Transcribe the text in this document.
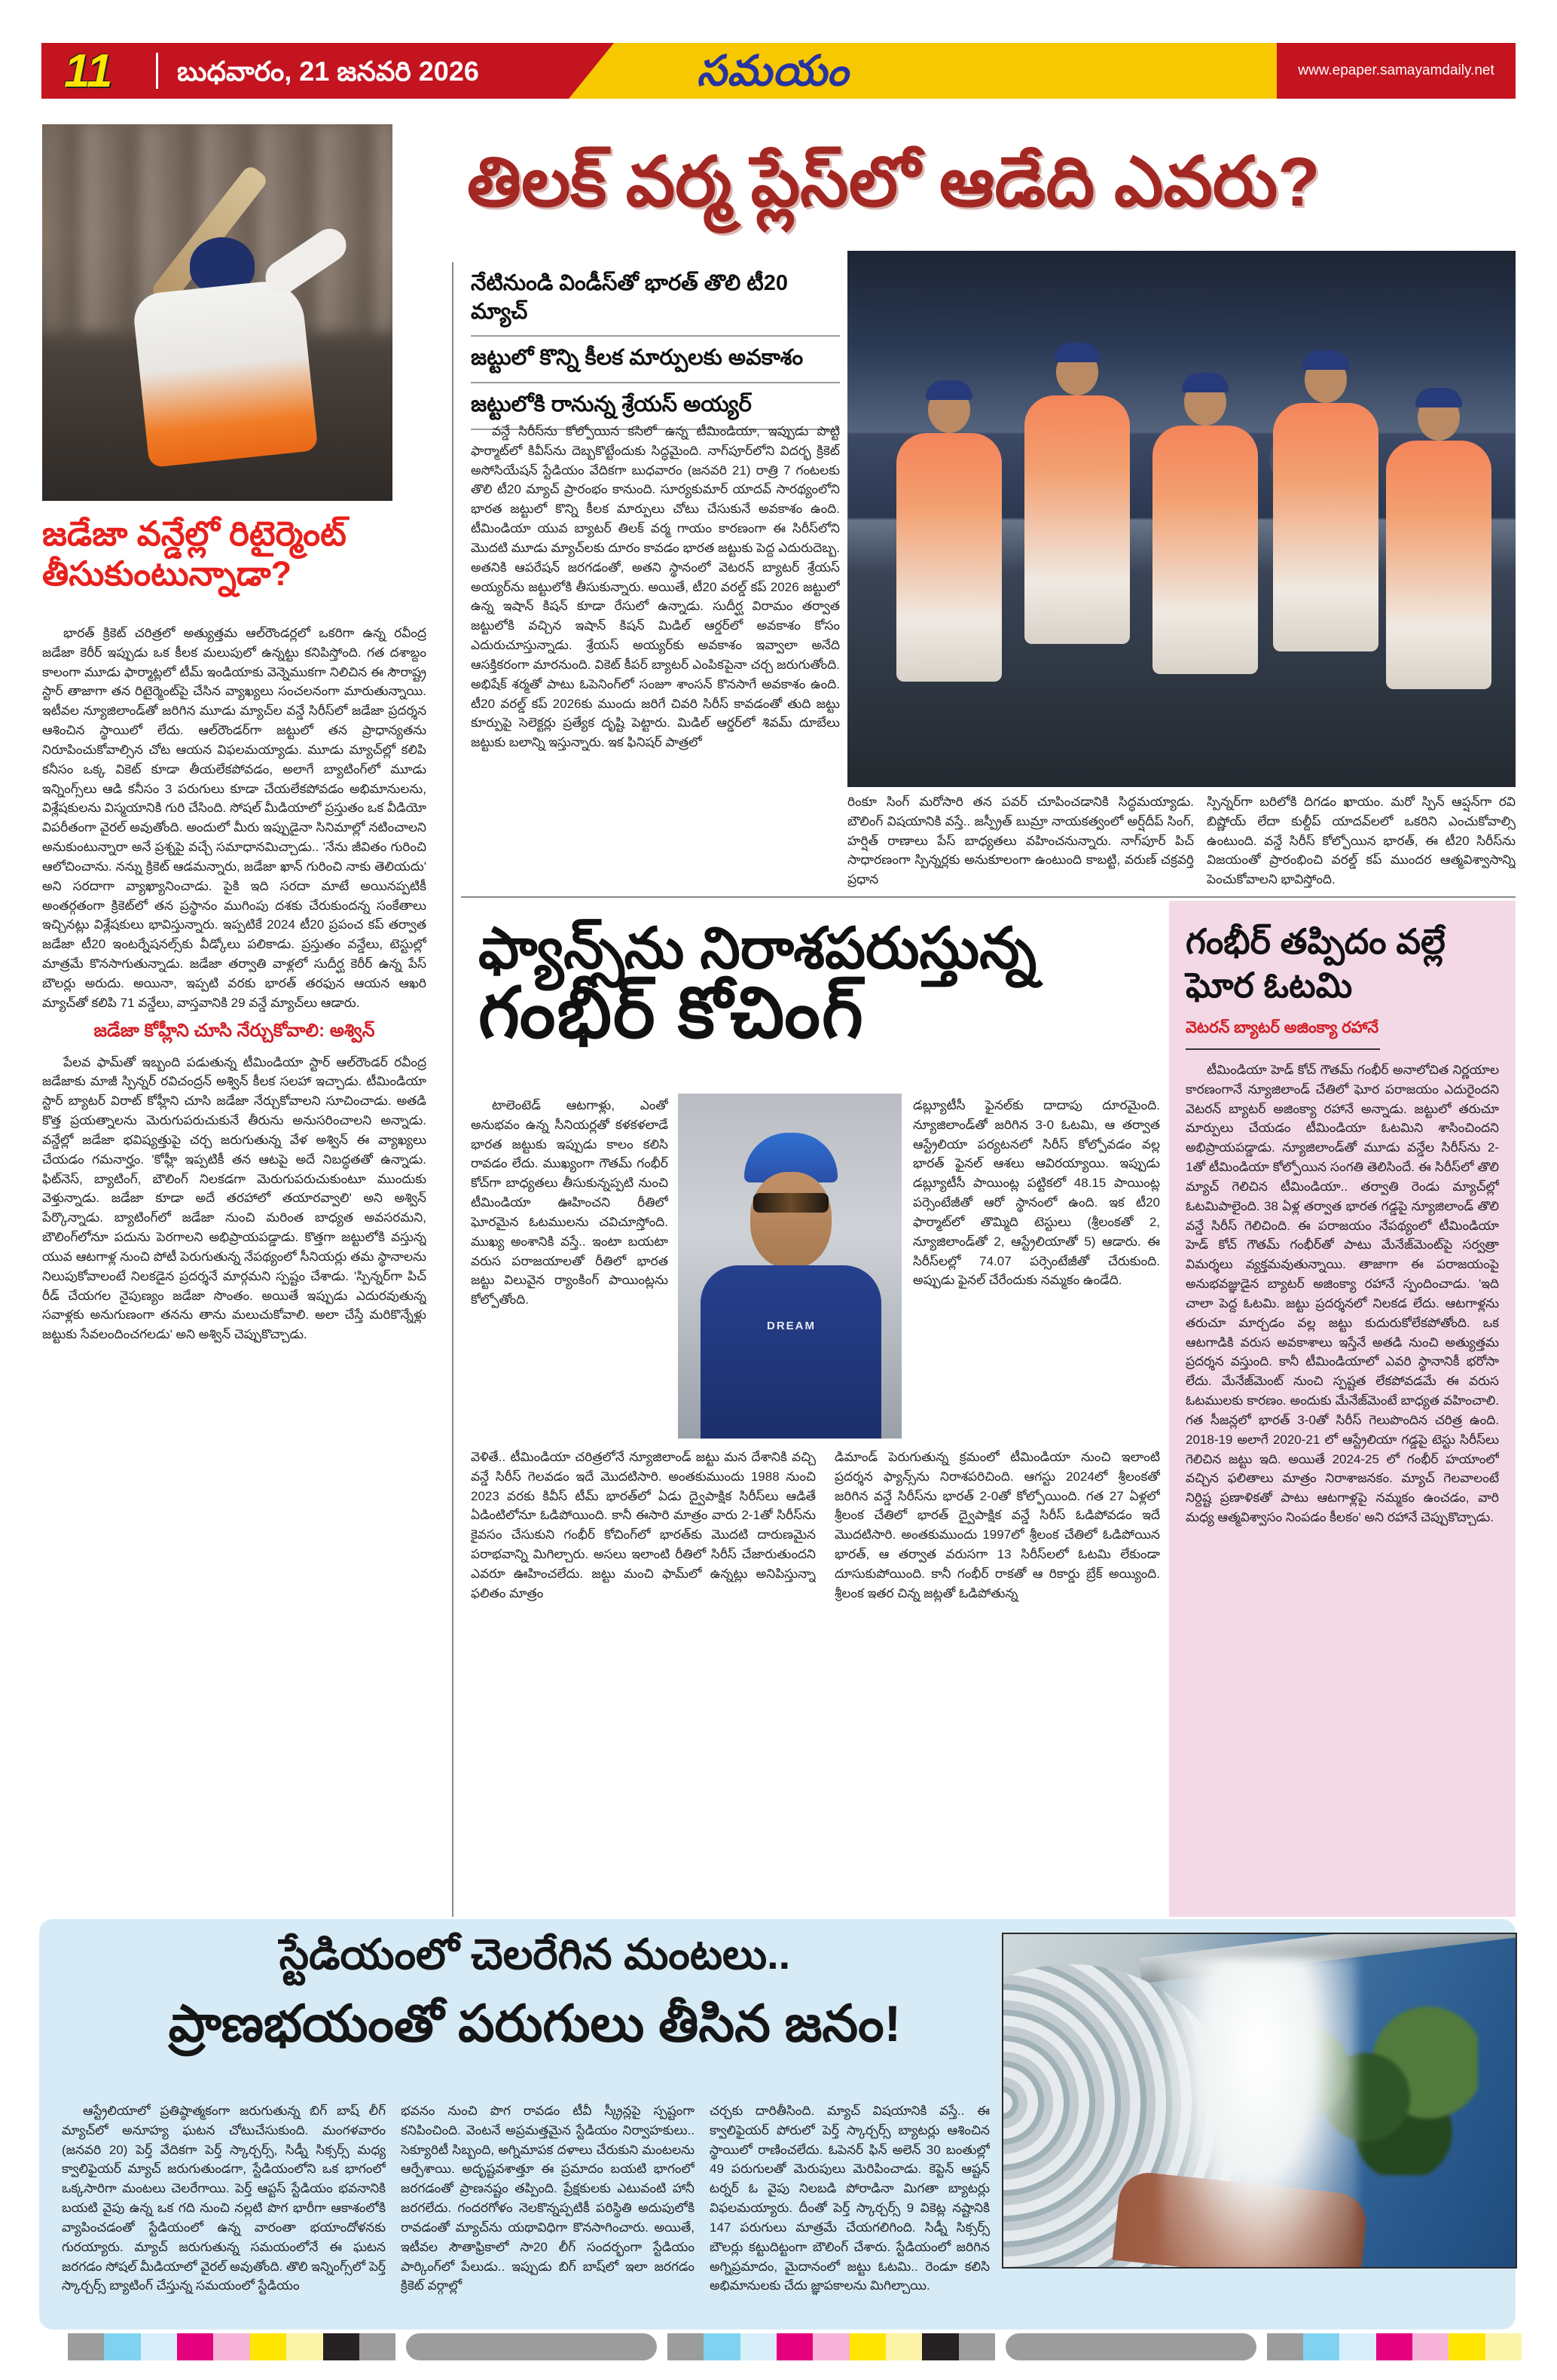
11 బుధవారం, 21 జనవరి 2026	సమయం	www.epaper.samayamdaily.net
జడేజా వన్డేల్లో రిటైర్మెంట్ తీసుకుంటున్నాడా?
భారత్ క్రికెట్ చరిత్రలో అత్యుత్తమ ఆల్‌రౌండర్లలో ఒకరిగా ఉన్న రవీంద్ర జడేజా కెరీర్ ఇప్పుడు ఒక కీలక మలుపులో ఉన్నట్టు కనిపిస్తోంది. గత దశాబ్దం కాలంగా మూడు ఫార్మాట్లలో టీమ్ ఇండియాకు వెన్నెముకగా నిలిచిన ఈ సౌరాష్ట్ర స్టార్ తాజాగా తన రిటైర్మెంట్‌పై చేసిన వ్యాఖ్యలు సంచలనంగా మారుతున్నాయి. ఇటీవల న్యూజిలాండ్‌తో జరిగిన మూడు మ్యాచ్‌ల వన్డే సిరీస్‌లో జడేజా ప్రదర్శన ఆశించిన స్థాయిలో లేదు. ఆల్‌రౌండర్‌గా జట్టులో తన ప్రాధాన్యతను నిరూపించుకోవాల్సిన చోట ఆయన విఫలమయ్యాడు. మూడు మ్యాచ్‌ల్లో కలిపి కనీసం ఒక్క వికెట్ కూడా తీయలేకపోవడం, అలాగే బ్యాటింగ్‌లో మూడు ఇన్నింగ్స్‌లు ఆడి కనీసం 3 పరుగులు కూడా చేయలేకపోవడం అభిమానులను, విశ్లేషకులను విస్మయానికి గురి చేసింది. సోషల్ మీడియాలో ప్రస్తుతం ఒక వీడియో విపరీతంగా వైరల్ అవుతోంది. అందులో మీరు ఇప్పుడైనా సినిమాల్లో నటించాలని అనుకుంటున్నారా అనే ప్రశ్నపై వచ్చే సమాధానమిచ్చాడు.. 'నేను జీవితం గురించి ఆలోచించాను. నన్ను క్రికెట్ ఆడమన్నారు, జడేజా ఖాన్ గురించి నాకు తెలియదు' అని సరదాగా వ్యాఖ్యానించాడు. పైకి ఇది సరదా మాటే అయినప్పటికీ అంతర్గతంగా క్రికెట్‌లో తన ప్రస్థానం ముగింపు దశకు చేరుకుందన్న సంకేతాలు ఇచ్చినట్లు విశ్లేషకులు భావిస్తున్నారు. ఇప్పటికే 2024 టీ20 ప్రపంచ కప్ తర్వాత జడేజా టీ20 ఇంటర్నేషనల్స్‌కు వీడ్కోలు పలికాడు. ప్రస్తుతం వన్డేలు, టెస్టుల్లో మాత్రమే కొనసాగుతున్నాడు. జడేజా తర్వాతి వాళ్లలో సుదీర్ఘ కెరీర్ ఉన్న పేస్ బౌలర్లు అరుదు. అయినా, ఇప్పటి వరకు భారత్ తరఫున ఆయన ఆఖరి మ్యాచ్‌తో కలిపి 71 వన్డేలు, వాస్తవానికి 29 వన్డే మ్యాచ్‌లు ఆడారు.
జడేజా కోహ్లీని చూసి నేర్చుకోవాలి: అశ్విన్
పేలవ ఫామ్‌తో ఇబ్బంది పడుతున్న టీమిండియా స్టార్ ఆల్‌రౌండర్ రవీంద్ర జడేజాకు మాజీ స్పిన్నర్ రవిచంద్రన్ అశ్విన్ కీలక సలహా ఇచ్చాడు. టీమిండియా స్టార్ బ్యాటర్ విరాట్ కోహ్లీని చూసి జడేజా నేర్చుకోవాలని సూచించాడు. అతడి కొత్త ప్రయత్నాలను మెరుగుపరుచుకునే తీరును అనుసరించాలని అన్నాడు. వన్డేల్లో జడేజా భవిష్యత్తుపై చర్చ జరుగుతున్న వేళ అశ్విన్ ఈ వ్యాఖ్యలు చేయడం గమనార్హం. 'కోహ్లీ ఇప్పటికీ తన ఆటపై అదే నిబద్ధతతో ఉన్నాడు. ఫిట్‌నెస్, బ్యాటింగ్, బౌలింగ్ నిలకడగా మెరుగుపరుచుకుంటూ ముందుకు వెళ్తున్నాడు. జడేజా కూడా అదే తరహాలో తయారవ్వాలి' అని అశ్విన్ పేర్కొన్నాడు. బ్యాటింగ్‌లో జడేజా నుంచి మరింత బాధ్యత అవసరమని, బౌలింగ్‌లోనూ పదును పెరగాలని అభిప్రాయపడ్డాడు. కొత్తగా జట్టులోకి వస్తున్న యువ ఆటగాళ్ల నుంచి పోటీ పెరుగుతున్న నేపథ్యంలో సీనియర్లు తమ స్థానాలను నిలుపుకోవాలంటే నిలకడైన ప్రదర్శనే మార్గమని స్పష్టం చేశాడు. 'స్పిన్నర్‌గా పిచ్ రీడ్ చేయగల నైపుణ్యం జడేజా సొంతం. అయితే ఇప్పుడు ఎదురవుతున్న సవాళ్లకు అనుగుణంగా తనను తాను మలుచుకోవాలి. అలా చేస్తే మరికొన్నేళ్లు జట్టుకు సేవలందించగలడు' అని అశ్విన్ చెప్పుకొచ్చాడు.
తిలక్ వర్మ ప్లేస్‌లో ఆడేది ఎవరు?
నేటినుండి విండీస్‌తో భారత్ తొలి టీ20 మ్యాచ్
జట్టులో కొన్ని కీలక మార్పులకు అవకాశం
జట్టులోకి రానున్న శ్రేయస్ అయ్యర్
వన్డే సిరీస్‌ను కోల్పోయిన కసిలో ఉన్న టీమిండియా, ఇప్పుడు పొట్టి ఫార్మాట్‌లో కివీస్‌ను దెబ్బకొట్టేందుకు సిద్ధమైంది. నాగ్‌పూర్‌లోని విదర్భ క్రికెట్ అసోసియేషన్ స్టేడియం వేదికగా బుధవారం (జనవరి 21) రాత్రి 7 గంటలకు తొలి టీ20 మ్యాచ్ ప్రారంభం కానుంది. సూర్యకుమార్ యాదవ్ సారథ్యంలోని భారత జట్టులో కొన్ని కీలక మార్పులు చోటు చేసుకునే అవకాశం ఉంది. టీమిండియా యువ బ్యాటర్ తిలక్ వర్మ గాయం కారణంగా ఈ సిరీస్‌లోని మొదటి మూడు మ్యాచ్‌లకు దూరం కావడం భారత జట్టుకు పెద్ద ఎదురుదెబ్బ. అతనికి ఆపరేషన్ జరగడంతో, అతని స్థానంలో వెటరన్ బ్యాటర్ శ్రేయస్ అయ్యర్‌ను జట్టులోకి తీసుకున్నారు. అయితే, టీ20 వరల్డ్ కప్ 2026 జట్టులో ఉన్న ఇషాన్ కిషన్ కూడా రేసులో ఉన్నాడు. సుదీర్ఘ విరామం తర్వాత జట్టులోకి వచ్చిన ఇషాన్ కిషన్ మిడిల్ ఆర్డర్‌లో అవకాశం కోసం ఎదురుచూస్తున్నాడు. శ్రేయస్ అయ్యర్‌కు అవకాశం ఇవ్వాలా అనేది ఆసక్తికరంగా మారనుంది. వికెట్ కీపర్ బ్యాటర్ ఎంపికపైనా చర్చ జరుగుతోంది. అభిషేక్ శర్మతో పాటు ఓపెనింగ్‌లో సంజూ శాంసన్ కొనసాగే అవకాశం ఉంది. టీ20 వరల్డ్ కప్ 2026కు ముందు జరిగే చివరి సిరీస్ కావడంతో తుది జట్టు కూర్పుపై సెలెక్టర్లు ప్రత్యేక దృష్టి పెట్టారు. మిడిల్ ఆర్డర్‌లో శివమ్ దూబేలు జట్టుకు బలాన్ని ఇస్తున్నారు. ఇక ఫినిషర్ పాత్రలో
రింకూ సింగ్ మరోసారి తన పవర్ చూపించడానికి సిద్ధమయ్యాడు. బౌలింగ్ విషయానికి వస్తే.. జస్ప్రీత్ బుమ్రా నాయకత్వంలో అర్ష్‌దీప్ సింగ్, హర్షిత్ రాణాలు పేస్ బాధ్యతలు వహించనున్నారు. నాగ్‌పూర్ పిచ్ సాధారణంగా స్పిన్నర్లకు అనుకూలంగా ఉంటుంది కాబట్టి, వరుణ్ చక్రవర్తి ప్రధాన
స్పిన్నర్‌గా బరిలోకి దిగడం ఖాయం. మరో స్పిన్ ఆప్షన్‌గా రవి బిష్ణోయ్ లేదా కుల్దీప్ యాదవ్‌లలో ఒకరిని ఎంచుకోవాల్సి ఉంటుంది. వన్డే సిరీస్ కోల్పోయిన భారత్, ఈ టీ20 సిరీస్‌ను విజయంతో ప్రారంభించి వరల్డ్ కప్ ముందర ఆత్మవిశ్వాసాన్ని పెంచుకోవాలని భావిస్తోంది.
ఫ్యాన్స్‌ను నిరాశపరుస్తున్న
గంభీర్ కోచింగ్
టాలెంటెడ్ ఆటగాళ్లు, ఎంతో అనుభవం ఉన్న సీనియర్లతో కళకళలాడే భారత జట్టుకు ఇప్పుడు కాలం కలిసి రావడం లేదు. ముఖ్యంగా గౌతమ్ గంభీర్ కోచ్‌గా బాధ్యతలు తీసుకున్నప్పటి నుంచి టీమిండియా ఊహించని రీతిలో ఘోరమైన ఓటములను చవిచూస్తోంది. ముఖ్య అంశానికి వస్తే.. ఇంటా బయటా వరుస పరాజయాలతో రీతిలో భారత జట్టు విలువైన ర్యాంకింగ్ పాయింట్లను కోల్పోతోంది.
DREAM
డబ్ల్యూటీసీ ఫైనల్‌కు దాదాపు దూరమైంది. న్యూజిలాండ్‌తో జరిగిన 3-0 ఓటమి, ఆ తర్వాత ఆస్ట్రేలియా పర్యటనలో సిరీస్ కోల్పోవడం వల్ల భారత్ ఫైనల్ ఆశలు ఆవిరయ్యాయి. ఇప్పుడు డబ్ల్యూటీసీ పాయింట్ల పట్టికలో 48.15 పాయింట్ల పర్సెంటేజీతో ఆరో స్థానంలో ఉంది. ఇక టీ20 ఫార్మాట్‌లో తొమ్మిది టెస్టులు (శ్రీలంకతో 2, న్యూజిలాండ్‌తో 2, ఆస్ట్రేలియాతో 5) ఆడారు. ఈ సిరీస్‌లల్లో 74.07 పర్సెంటేజీతో చేరుకుంది. అప్పుడు ఫైనల్ చేరేందుకు నమ్మకం ఉండేది.
వెళితే.. టీమిండియా చరిత్రలోనే న్యూజిలాండ్ జట్టు మన దేశానికి వచ్చి వన్డే సిరీస్ గెలవడం ఇదే మొదటిసారి. అంతకుముందు 1988 నుంచి 2023 వరకు కివీస్ టీమ్ భారత్‌లో ఏడు ద్వైపాక్షిక సిరీస్‌లు ఆడితే ఏడింటిలోనూ ఓడిపోయింది. కానీ ఈసారి మాత్రం వారు 2-1తో సిరీస్‌ను కైవసం చేసుకుని గంభీర్ కోచింగ్‌లో భారత్‌కు మొదటి దారుణమైన పరాభవాన్ని మిగిల్చారు. అసలు ఇలాంటి రీతిలో సిరీస్ చేజారుతుందని ఎవరూ ఊహించలేదు. జట్టు మంచి ఫామ్‌లో ఉన్నట్లు అనిపిస్తున్నా ఫలితం మాత్రం
డిమాండ్ పెరుగుతున్న క్రమంలో టీమిండియా నుంచి ఇలాంటి ప్రదర్శన ఫ్యాన్స్‌ను నిరాశపరిచింది. ఆగస్టు 2024లో శ్రీలంకతో జరిగిన వన్డే సిరీస్‌ను భారత్ 2-0తో కోల్పోయింది. గత 27 ఏళ్లలో శ్రీలంక చేతిలో భారత్ ద్వైపాక్షిక వన్డే సిరీస్ ఓడిపోవడం ఇదే మొదటిసారి. అంతకుముందు 1997లో శ్రీలంక చేతిలో ఓడిపోయిన భారత్, ఆ తర్వాత వరుసగా 13 సిరీస్‌లలో ఓటమి లేకుండా దూసుకుపోయింది. కానీ గంభీర్ రాకతో ఆ రికార్డు బ్రేక్ అయ్యింది. శ్రీలంక ఇతర చిన్న జట్లతో ఓడిపోతున్న
గంభీర్ తప్పిదం వల్లే ఘోర ఓటమి
వెటరన్ బ్యాటర్ అజింక్యా రహానే
టీమిండియా హెడ్ కోచ్ గౌతమ్ గంభీర్ అనాలోచిత నిర్ణయాల కారణంగానే న్యూజిలాండ్ చేతిలో ఘోర పరాజయం ఎదురైందని వెటరన్ బ్యాటర్ అజింక్యా రహానే అన్నాడు. జట్టులో తరుచూ మార్పులు చేయడం టీమిండియా ఓటమిని శాసించిందని అభిప్రాయపడ్డాడు. న్యూజిలాండ్‌తో మూడు వన్డేల సిరీస్‌ను 2-1తో టీమిండియా కోల్పోయిన సంగతి తెలిసిందే. ఈ సిరీస్‌లో తొలి మ్యాచ్ గెలిచిన టీమిండియా.. తర్వాతి రెండు మ్యాచ్‌ల్లో ఓటమిపాలైంది. 38 ఏళ్ల తర్వాత భారత గడ్డపై న్యూజిలాండ్ తొలి వన్డే సిరీస్ గెలిచింది. ఈ పరాజయం నేపథ్యంలో టీమిండియా హెడ్ కోచ్ గౌతమ్ గంభీర్‌తో పాటు మేనేజ్‌మెంట్‌పై సర్వత్రా విమర్శలు వ్యక్తమవుతున్నాయి. తాజాగా ఈ పరాజయంపై అనుభవజ్ఞుడైన బ్యాటర్ అజింక్యా రహానే స్పందించాడు. 'ఇది చాలా పెద్ద ఓటమి. జట్టు ప్రదర్శనలో నిలకడ లేదు. ఆటగాళ్లను తరుచూ మార్చడం వల్ల జట్టు కుదురుకోలేకపోతోంది. ఒక ఆటగాడికి వరుస అవకాశాలు ఇస్తేనే అతడి నుంచి అత్యుత్తమ ప్రదర్శన వస్తుంది. కానీ టీమిండియాలో ఎవరి స్థానానికీ భరోసా లేదు. మేనేజ్‌మెంట్ నుంచి స్పష్టత లేకపోవడమే ఈ వరుస ఓటములకు కారణం. అందుకు మేనేజ్‌మెంటే బాధ్యత వహించాలి. గత సీజన్లలో భారత్ 3-0తో సిరీస్ గెలుపొందిన చరిత్ర ఉంది. 2018-19 అలాగే 2020-21 లో ఆస్ట్రేలియా గడ్డపై టెస్టు సిరీస్‌లు గెలిచిన జట్టు ఇది. అయితే 2024-25 లో గంభీర్ హయాంలో వచ్చిన ఫలితాలు మాత్రం నిరాశాజనకం. మ్యాచ్ గెలవాలంటే నిర్దిష్ట ప్రణాళికతో పాటు ఆటగాళ్లపై నమ్మకం ఉంచడం, వారి మధ్య ఆత్మవిశ్వాసం నింపడం కీలకం' అని రహానే చెప్పుకొచ్చాడు.
స్టేడియంలో చెలరేగిన మంటలు..
ప్రాణభయంతో పరుగులు తీసిన జనం!
ఆస్ట్రేలియాలో ప్రతిష్ఠాత్మకంగా జరుగుతున్న బిగ్ బాష్ లీగ్ మ్యాచ్‌లో అనూహ్య ఘటన చోటుచేసుకుంది. మంగళవారం (జనవరి 20) పెర్త్ వేదికగా పెర్త్ స్కార్చర్స్, సిడ్నీ సిక్సర్స్ మధ్య క్వాలిఫైయర్ మ్యాచ్ జరుగుతుండగా, స్టేడియంలోని ఒక భాగంలో ఒక్కసారిగా మంటలు చెలరేగాయి. పెర్త్ ఆప్టస్ స్టేడియం భవనానికి బయటి వైపు ఉన్న ఒక గది నుంచి నల్లటి పొగ భారీగా ఆకాశంలోకి వ్యాపించడంతో స్టేడియంలో ఉన్న వారంతా భయాందోళనకు గురయ్యారు. మ్యాచ్ జరుగుతున్న సమయంలోనే ఈ ఘటన జరగడం సోషల్ మీడియాలో వైరల్ అవుతోంది. తొలి ఇన్నింగ్స్‌లో పెర్త్ స్కార్చర్స్ బ్యాటింగ్ చేస్తున్న సమయంలో స్టేడియం
భవనం నుంచి పొగ రావడం టీవీ స్క్రీన్లపై స్పష్టంగా కనిపించింది. వెంటనే అప్రమత్తమైన స్టేడియం నిర్వాహకులు.. సెక్యూరిటీ సిబ్బంది, అగ్నిమాపక దళాలు చేరుకుని మంటలను ఆర్పేశాయి. అదృష్టవశాత్తూ ఈ ప్రమాదం బయటి భాగంలో జరగడంతో ప్రాణనష్టం తప్పింది. ప్రేక్షకులకు ఎటువంటి హానీ జరగలేదు. గందరగోళం నెలకొన్నప్పటికీ పరిస్థితి అదుపులోకి రావడంతో మ్యాచ్‌ను యథావిధిగా కొనసాగించారు. అయితే, ఇటీవల సౌతాఫ్రికాలో సా20 లీగ్ సందర్భంగా స్టేడియం పార్కింగ్‌లో పేలుడు.. ఇప్పుడు బిగ్ బాష్‌లో ఇలా జరగడం క్రికెట్ వర్గాల్లో
చర్చకు దారితీసింది. మ్యాచ్ విషయానికి వస్తే.. ఈ క్వాలిఫైయర్ పోరులో పెర్త్ స్కార్చర్స్ బ్యాటర్లు ఆశించిన స్థాయిలో రాణించలేదు. ఓపెనర్ ఫిన్ అలెన్ 30 బంతుల్లో 49 పరుగులతో మెరుపులు మెరిపించాడు. కెప్టెన్ ఆష్టన్ టర్నర్ ఓ వైపు నిలబడి పోరాడినా మిగతా బ్యాటర్లు విఫలమయ్యారు. దీంతో పెర్త్ స్కార్చర్స్ 9 వికెట్ల నష్టానికి 147 పరుగులు మాత్రమే చేయగలిగింది. సిడ్నీ సిక్సర్స్ బౌలర్లు కట్టుదిట్టంగా బౌలింగ్ చేశారు. స్టేడియంలో జరిగిన అగ్నిప్రమాదం, మైదానంలో జట్టు ఓటమి.. రెండూ కలిసి అభిమానులకు చేదు జ్ఞాపకాలను మిగిల్చాయి.
